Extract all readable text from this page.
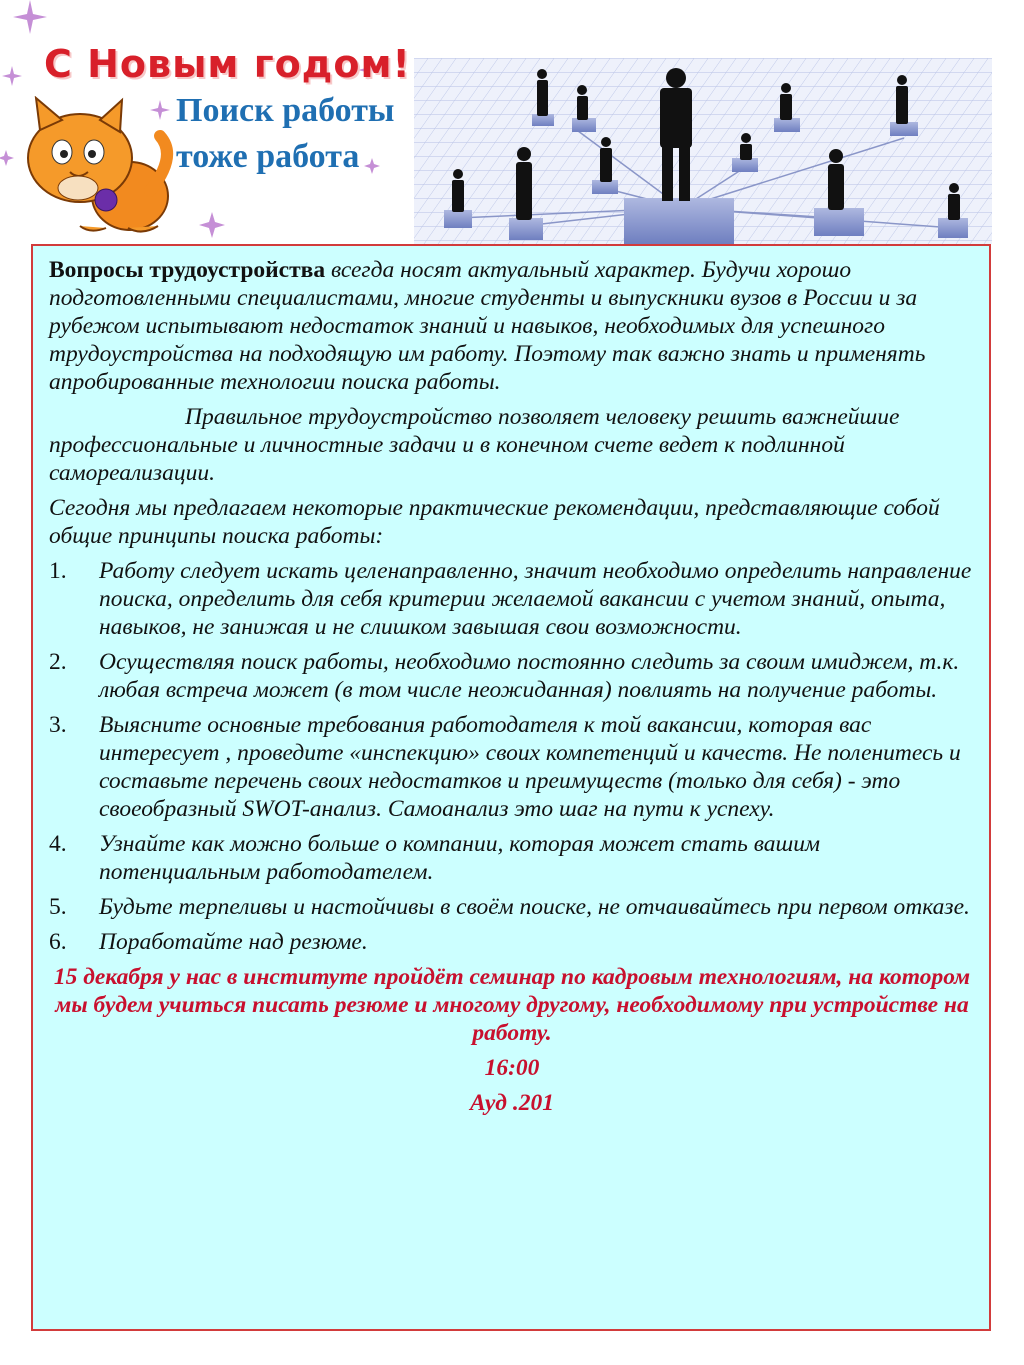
С Новым годом!
Поиск работы
тоже работа

Вопросы трудоустройства всегда носят актуальный характер. Будучи хорошо подготовленными специалистами, многие студенты и выпускники вузов в России и за рубежом испытывают недостаток знаний и навыков, необходимых для успешного трудоустройства на подходящую им работу. Поэтому так важно знать и применять апробированные технологии поиска работы.

Правильное трудоустройство позволяет человеку решить важнейшие профессиональные и личностные задачи и в конечном счете ведет к подлинной самореализации.

Сегодня мы предлагаем некоторые практические рекомендации, представляющие собой общие принципы поиска работы:

1. Работу следует искать целенаправленно, значит необходимо определить направление поиска, определить для себя критерии желаемой вакансии с учетом знаний, опыта, навыков, не занижая и не слишком завышая свои возможности.
2. Осуществляя поиск работы, необходимо постоянно следить за своим имиджем, т.к. любая встреча может (в том числе неожиданная) повлиять на получение работы.
3. Выясните основные требования работодателя к той вакансии, которая вас интересует , проведите «инспекцию» своих компетенций и качеств. Не поленитесь и составьте перечень своих недостатков и преимуществ (только для себя) - это своеобразный SWOT-анализ. Самоанализ это шаг на пути к успеху.
4. Узнайте как можно больше о компании, которая может стать вашим потенциальным работодателем.
5. Будьте терпеливы и настойчивы в своём поиске, не отчаивайтесь при первом отказе.
6. Поработайте над резюме.

15 декабря у нас в институте пройдёт семинар по кадровым технологиям, на котором мы будем учиться писать резюме и многому другому, необходимому при устройстве на работу.

16:00

Ауд .201
